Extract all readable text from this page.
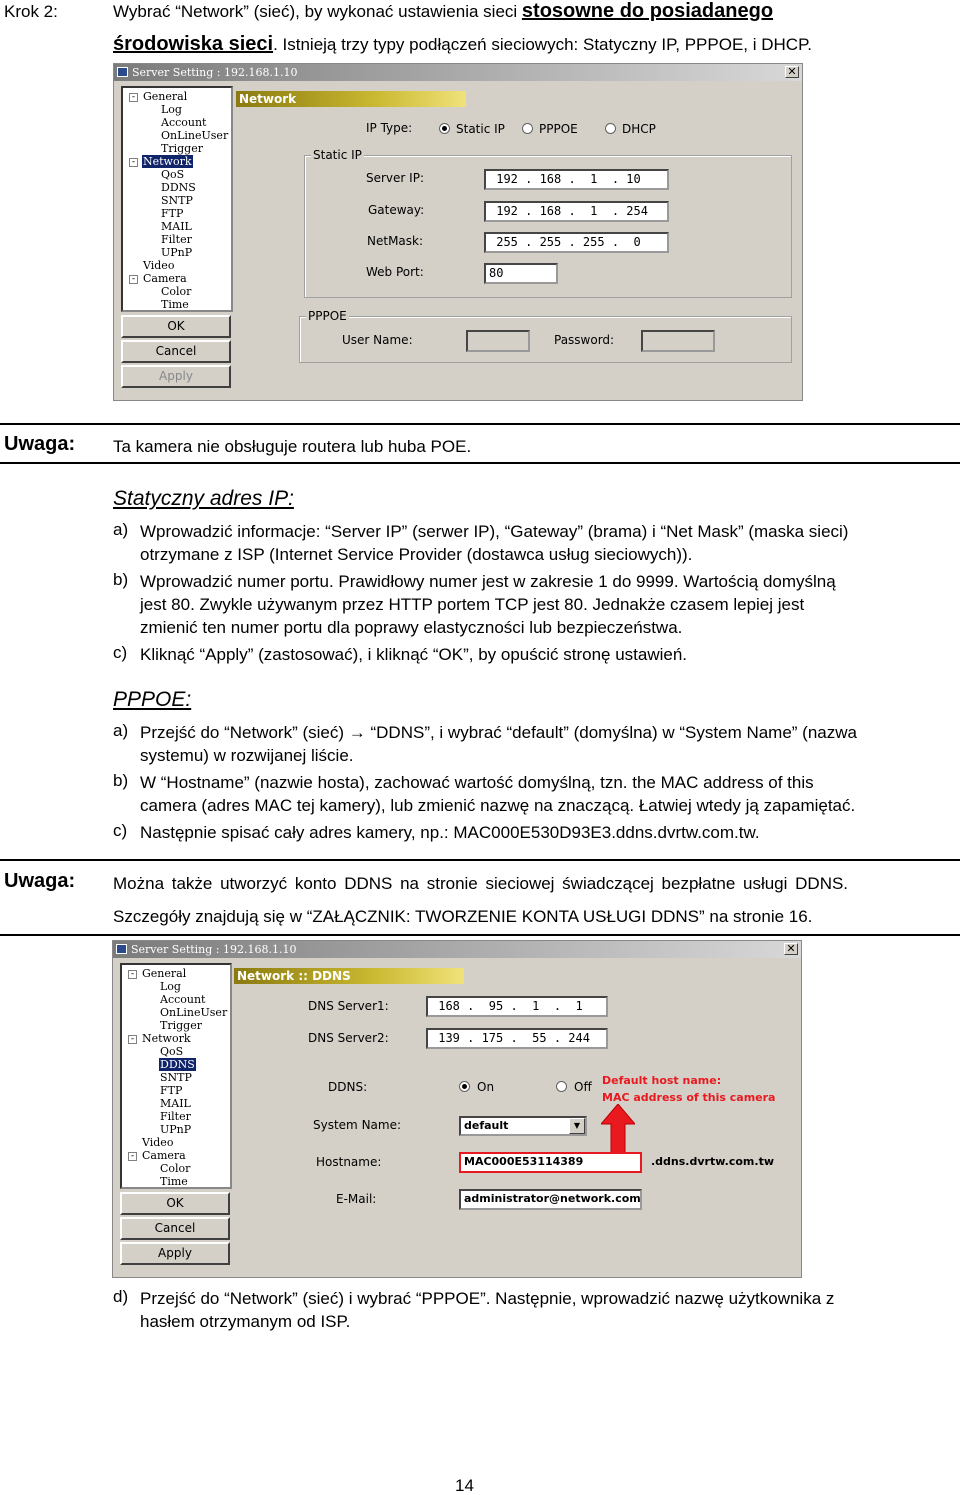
Krok 2:	Wybrać “Network” (sieć), by wykonać ustawienia sieci stosowne do posiadanego
środowiska sieci. Istnieją trzy typy podłączeń sieciowych: Statyczny IP, PPPOE, i DHCP.
Server Setting : 192.168.1.10	✕
- General
Log
Account
OnLineUser
Trigger
- Network
QoS
DDNS
SNTP
FTP
MAIL
Filter
UPnP
Video
- Camera
Color
Time
OK
Cancel
Apply
Network
IP Type:	Static IP	PPPOE	DHCP
Static IP
Server IP:	192 . 168 .  1  . 10
Gateway:	192 . 168 .  1  . 254
NetMask:	255 . 255 . 255 .  0
Web Port:	80
PPPOE
User Name:	Password:
Uwaga: Ta kamera nie obsługuje routera lub huba POE.
Statyczny adres IP:
a) Wprowadzić informacje: “Server IP” (serwer IP), “Gateway” (brama) i “Net Mask” (maska sieci)
otrzymane z ISP (Internet Service Provider (dostawca usług sieciowych)).
b) Wprowadzić numer portu. Prawidłowy numer jest w zakresie 1 do 9999. Wartością domyślną
jest 80. Zwykle używanym przez HTTP portem TCP jest 80. Jednakże czasem lepiej jest
zmienić ten numer portu dla poprawy elastyczności lub bezpieczeństwa.
c) Kliknąć “Apply” (zastosować), i kliknąć “OK”, by opuścić stronę ustawień.
PPPOE:
a) Przejść do “Network” (sieć) → “DDNS”, i wybrać “default” (domyślna) w “System Name” (nazwa
systemu) w rozwijanej liście.
b) W “Hostname” (nazwie hosta), zachować wartość domyślną, tzn. the MAC address of this
camera (adres MAC tej kamery), lub zmienić nazwę na znaczącą. Łatwiej wtedy ją zapamiętać.
c) Następnie spisać cały adres kamery, np.: MAC000E530D93E3.ddns.dvrtw.com.tw.
Uwaga: Można także utworzyć konto DDNS na stronie sieciowej świadczącej bezpłatne usługi DDNS.
Szczegóły znajdują się w “ZAŁĄCZNIK: TWORZENIE KONTA USŁUGI DDNS” na stronie 16.
Server Setting : 192.168.1.10	✕
- General
Log
Account
OnLineUser
Trigger
- Network
QoS
DDNS
SNTP
FTP
MAIL
Filter
UPnP
Video
- Camera
Color
Time
OK
Cancel
Apply
Network :: DDNS
DNS Server1:	168 .  95 .  1  .  1
DNS Server2:	139 . 175 .  55 . 244
DDNS:	On	Off Default host name:
MAC address of this camera
System Name:	default	▼
Hostname:	MAC000E53114389	.ddns.dvrtw.com.tw
E-Mail:	administrator@network.com
d) Przejść do “Network” (sieć) i wybrać “PPPOE”. Następnie, wprowadzić nazwę użytkownika z
hasłem otrzymanym od ISP.
14
